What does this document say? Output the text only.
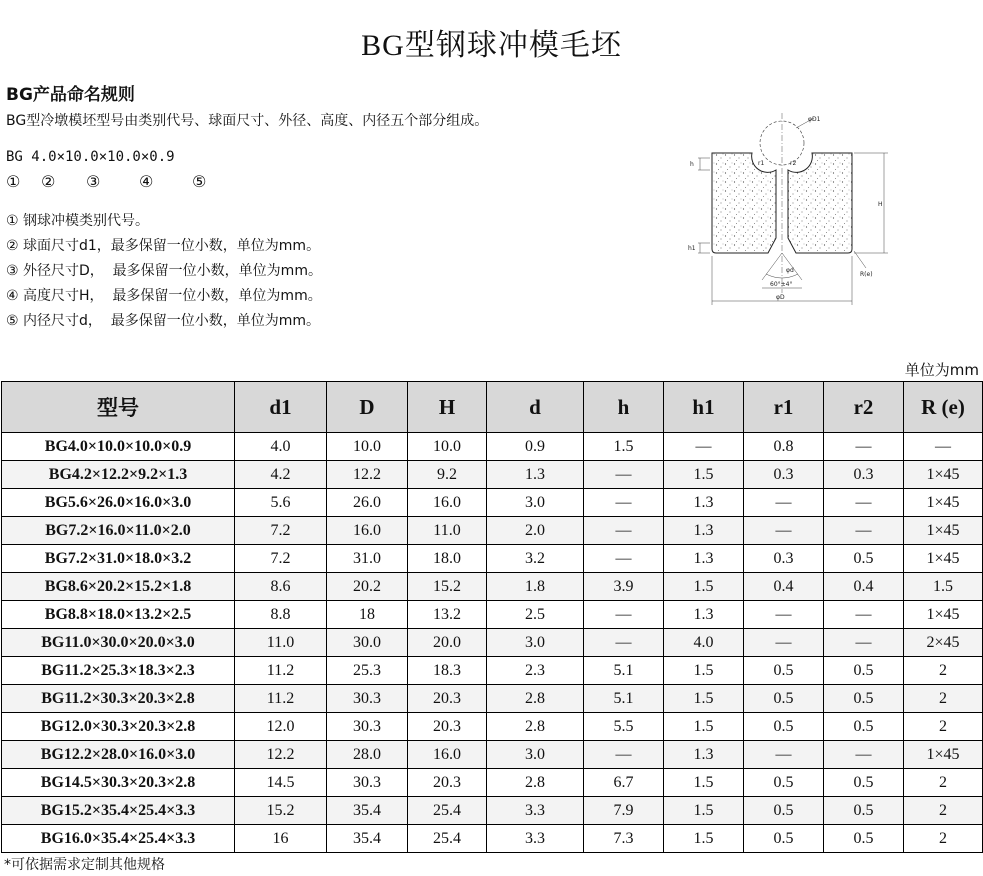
BG型钢球冲模毛坯
BG产品命名规则
BG型冷墩模坯型号由类别代号、球面尺寸、外径、高度、内径五个部分组成。
BG 4.0×10.0×10.0×0.9
① ② ③ ④ ⑤
① 钢球冲模类别代号。
② 球面尺寸d1，最多保留一位小数，单位为mm。
③ 外径尺寸D，  最多保留一位小数，单位为mm。
④ 高度尺寸H，  最多保留一位小数，单位为mm。
⑤ 内径尺寸d，  最多保留一位小数，单位为mm。
φD1
H
h
h1
r1	r2
φd
60°±4°
φD
R(e)
单位为mm
型号	d1	D	H	d	h	h1	r1	r2	R (e)
BG4.0×10.0×10.0×0.9	4.0	10.0	10.0	0.9	1.5	—	0.8	—	—
BG4.2×12.2×9.2×1.3	4.2	12.2	9.2	1.3	—	1.5	0.3	0.3	1×45
BG5.6×26.0×16.0×3.0	5.6	26.0	16.0	3.0	—	1.3	—	—	1×45
BG7.2×16.0×11.0×2.0	7.2	16.0	11.0	2.0	—	1.3	—	—	1×45
BG7.2×31.0×18.0×3.2	7.2	31.0	18.0	3.2	—	1.3	0.3	0.5	1×45
BG8.6×20.2×15.2×1.8	8.6	20.2	15.2	1.8	3.9	1.5	0.4	0.4	1.5
BG8.8×18.0×13.2×2.5	8.8	18	13.2	2.5	—	1.3	—	—	1×45
BG11.0×30.0×20.0×3.0	11.0	30.0	20.0	3.0	—	4.0	—	—	2×45
BG11.2×25.3×18.3×2.3	11.2	25.3	18.3	2.3	5.1	1.5	0.5	0.5	2
BG11.2×30.3×20.3×2.8	11.2	30.3	20.3	2.8	5.1	1.5	0.5	0.5	2
BG12.0×30.3×20.3×2.8	12.0	30.3	20.3	2.8	5.5	1.5	0.5	0.5	2
BG12.2×28.0×16.0×3.0	12.2	28.0	16.0	3.0	—	1.3	—	—	1×45
BG14.5×30.3×20.3×2.8	14.5	30.3	20.3	2.8	6.7	1.5	0.5	0.5	2
BG15.2×35.4×25.4×3.3	15.2	35.4	25.4	3.3	7.9	1.5	0.5	0.5	2
BG16.0×35.4×25.4×3.3	16	35.4	25.4	3.3	7.3	1.5	0.5	0.5	2
*可依据需求定制其他规格
